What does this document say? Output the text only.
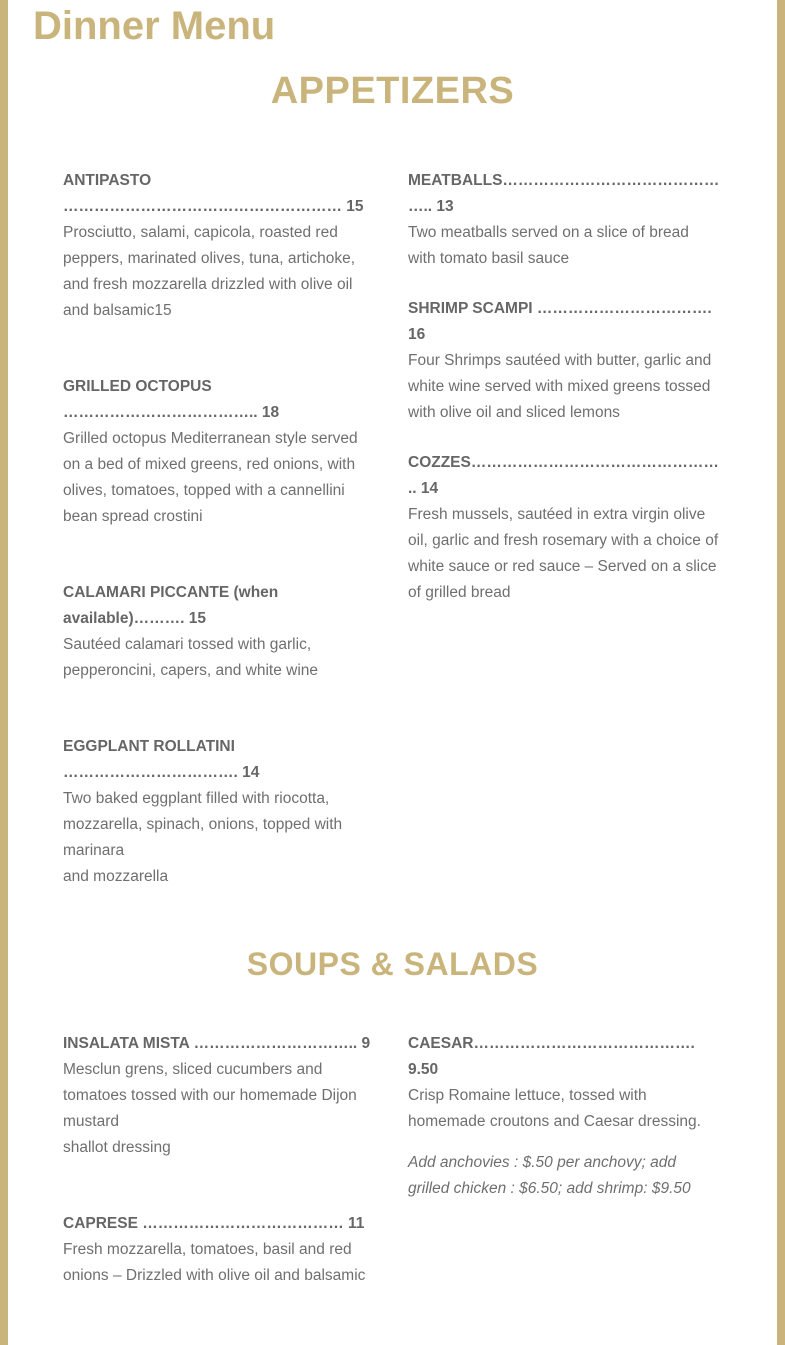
Dinner Menu
APPETIZERS
ANTIPASTO ……………………………………………… 15
Prosciutto, salami, capicola, roasted red peppers, marinated olives, tuna, artichoke, and fresh mozzarella drizzled with olive oil and balsamic15
GRILLED OCTOPUS ……………………………….. 18
Grilled octopus Mediterranean style served on a bed of mixed greens, red onions, with olives, tomatoes, topped with a cannellini bean spread crostini
CALAMARI PICCANTE (when available)………. 15
Sautéed calamari tossed with garlic, pepperoncini, capers, and white wine
EGGPLANT ROLLATINI ……………………………. 14
Two baked eggplant filled with riocotta, mozzarella, spinach, onions, topped with marinara
and mozzarella
MEATBALLS……………………………………….. 13
Two meatballs served on a slice of bread with tomato basil sauce
SHRIMP SCAMPI ……………………………. 16
Four Shrimps sautéed with butter, garlic and white wine served with mixed greens tossed with olive oil and sliced lemons
COZZES………………………………………….. 14
Fresh mussels, sautéed in extra virgin olive oil, garlic and fresh rosemary with a choice of white sauce or red sauce – Served on a slice of grilled bread
SOUPS & SALADS
INSALATA MISTA ………………………….. 9
Mesclun grens, sliced cucumbers and tomatoes tossed with our homemade Dijon mustard
shallot dressing
CAPRESE ………………………………… 11
Fresh mozzarella, tomatoes, basil and red onions – Drizzled with olive oil and balsamic
CAESAR……………………………………. 9.50
Crisp Romaine lettuce, tossed with homemade croutons and Caesar dressing.
Add anchovies : $.50 per anchovy; add grilled chicken : $6.50; add shrimp: $9.50
